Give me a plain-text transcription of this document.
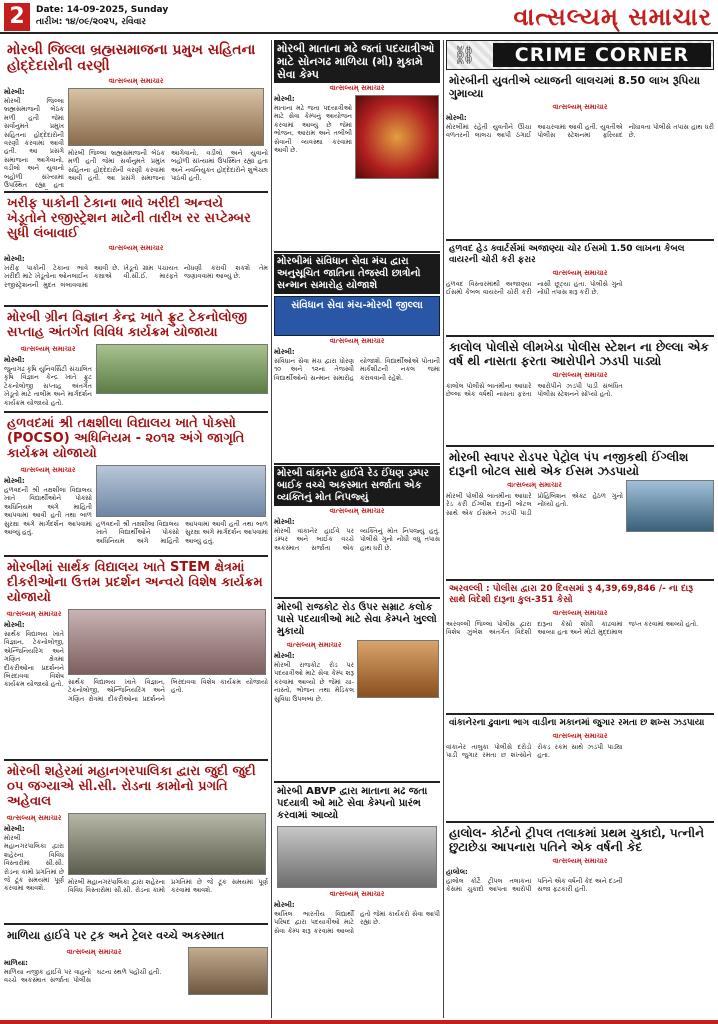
2	Date: 14-09-2025, Sunday
તારીખ: ૧૪/૦૯/૨૦૨૫, રવિવાર	વાત્સલ્યમ્ સમાચાર
મોરબી જિલ્લા બ્રહ્મસમાજના પ્રમુખ સહિતના હોદ્દેદારોની વરણી
વાત્સલ્યમ્ સમાચાર
મોરબી:
મોરબી જિલ્લા બ્રહ્મસમાજની બેઠક મળી હતી જેમાં સર્વાનુમતે પ્રમુખ સહિતના હોદ્દેદારોની વરણી કરવામાં આવી હતી. આ પ્રસંગે સમાજના આગેવાનો, વડીલો અને યુવાનો બહોળી સંખ્યામાં ઉપસ્થિત રહ્યા હતા
મોરબી જિલ્લા બ્રહ્મસમાજની બેઠક મળી હતી જેમાં સર્વાનુમતે પ્રમુખ સહિતના હોદ્દેદારોની વરણી કરવામાં આવી હતી. આ પ્રસંગે સમાજના આગેવાનો, વડીલો અને યુવાનો બહોળી સંખ્યામાં ઉપસ્થિત રહ્યા હતા અને નવનિયુક્ત હોદ્દેદારોને શુભેચ્છા પાઠવી હતી.
ખરીફ પાકોની ટેકાના ભાવે ખરીદી અન્વયે ખેડૂતોને રજીસ્ટ્રેશન માટેની તારીખ રર સપ્ટેમ્બર સુધી લંબાવાઈ
વાત્સલ્યમ્ સમાચાર
મોરબી:
ખરીફ પાકોની ટેકાના ભાવે ખરીદી માટે ખેડૂતોના ઓનલાઈન રજીસ્ટ્રેશનની મુદત લંબાવવામાં આવી છે. ખેડૂતો ગ્રામ પંચાયત કક્ષાએ વી.સી.ઈ. મારફતે નોંધણી કરાવી શકશે તેમ જણાવવામાં આવ્યું છે.
મોરબી ગ્રીન વિજ્ઞાન કેન્દ્ર ખાતે ફ્રુટ ટેકનોલોજી સપ્તાહ અંતર્ગત વિવિધ કાર્યક્રમ યોજાયા
વાત્સલ્યમ્ સમાચાર
મોરબી:
જુનાગઢ કૃષિ યુનિવર્સિટી સંચાલિત કૃષિ વિજ્ઞાન કેન્દ્ર ખાતે ફ્રુટ ટેકનોલોજી સપ્તાહ અંતર્ગત ખેડૂતો માટે તાલીમ અને માર્ગદર્શન કાર્યક્રમ યોજાયો હતો.
હળવદમાં શ્રી તક્ષશીલા વિદ્યાલય ખાતે પોક્સો (POCSO) અધિનિયમ - ૨૦૧૨ અંગે જાગૃતિ કાર્યક્રમ યોજાયો
વાત્સલ્યમ્ સમાચાર
મોરબી:
હળવદની શ્રી તક્ષશીલા વિદ્યાલય ખાતે વિદ્યાર્થીઓને પોક્સો અધિનિયમ અંગે માહિતી આપવામાં આવી હતી તથા બાળ સુરક્ષા અંગે માર્ગદર્શન આપવામાં આવ્યું હતું.
હળવદની શ્રી તક્ષશીલા વિદ્યાલય ખાતે વિદ્યાર્થીઓને પોક્સો અધિનિયમ અંગે માહિતી આપવામાં આવી હતી તથા બાળ સુરક્ષા અંગે માર્ગદર્શન આપવામાં આવ્યું હતું.
મોરબીમાં સાર્થક વિદ્યાલય ખાતે STEM ક્ષેત્રમાં દીકરીઓના ઉત્તમ પ્રદર્શન અન્વયે વિશેષ કાર્યક્રમ યોજાયો
વાત્સલ્યમ્ સમાચાર
મોરબી:
સાર્થક વિદ્યાલય ખાતે વિજ્ઞાન, ટેકનોલોજી, એન્જિનિયરિંગ અને ગણિત ક્ષેત્રમાં દીકરીઓના પ્રદર્શનને બિરદાવવા વિશેષ કાર્યક્રમ યોજાયો હતો. સાર્થક વિદ્યાલય ખાતે વિજ્ઞાન, ટેકનોલોજી, એન્જિનિયરિંગ અને ગણિત ક્ષેત્રમાં દીકરીઓના પ્રદર્શનને બિરદાવવા વિશેષ કાર્યક્રમ યોજાયો હતો.
મોરબી શહેરમાં મહાનગરપાલિકા દ્વારા જુદી જુદી ૦૫ જગ્યાએ સી.સી. રોડના કામોનો પ્રગતિ અહેવાલ
વાત્સલ્યમ્ સમાચાર
મોરબી:
મોરબી મહાનગરપાલિકા દ્વારા શહેરના વિવિધ વિસ્તારોમાં સી.સી. રોડના કામો પ્રગતિમાં છે જે ટૂંક સમયમાં પૂર્ણ કરવામાં આવશે.
મોરબી મહાનગરપાલિકા દ્વારા શહેરના વિવિધ વિસ્તારોમાં સી.સી. રોડના કામો પ્રગતિમાં છે જે ટૂંક સમયમાં પૂર્ણ કરવામાં આવશે.
માળિયા હાઈવે પર ટ્રક અને ટ્રેલર વચ્ચે અકસ્માત
વાત્સલ્યમ્ સમાચાર
માળિયા:
માળિયા નજીક હાઈવે પર વાહનો વચ્ચે અકસ્માત સર્જાતા પોલીસ ઘટના સ્થળે પહોંચી હતી.
મોરબી માતાના મઢે જતાં પદયાત્રીઓ માટે સોનગઢ માળિયા (મી) મુકામે સેવા કેમ્પ
વાત્સલ્યમ્ સમાચાર
મોરબી:
માતાના મઢે જતા પદયાત્રીઓ માટે સેવા કેમ્પનું આયોજન કરવામાં આવ્યું છે જેમાં ભોજન, આરામ અને તબીબી સેવાની વ્યવસ્થા કરવામાં આવી છે.
મોરબીમાં સંવિધાન સેવા મંચ દ્વારા અનુસૂચિત જાતિના તેજસ્વી છાત્રોનો સન્માન સમારોહ યોજાશે
સંવિધાન સેવા મંચ-મોરબી જીલ્લા
વાત્સલ્યમ્ સમાચાર
મોરબી:
સંવિધાન સેવા મંચ દ્વારા ધોરણ ૧૦ અને ૧૨ના તેજસ્વી વિદ્યાર્થીઓનો સન્માન સમારોહ યોજાશે. વિદ્યાર્થીઓએ પોતાની માર્કશીટની નકલ જમા કરાવવાની રહેશે.
મોરબી વાંકાનેર હાઈવે રેડ ઈંધણ ડમ્પર બાઈક વચ્ચે અકસ્માત સર્જાતા એક વ્યક્તિનું મોત નિપજ્યું
વાત્સલ્યમ્ સમાચાર
મોરબી:
મોરબી વાંકાનેર હાઈવે પર ડમ્પર અને બાઈક વચ્ચે અકસ્માત સર્જાતા એક વ્યક્તિનું મોત નિપજ્યું હતું. પોલીસે ગુનો નોંધી વધુ તપાસ હાથ ધરી છે.
મોરબી રાજકોટ રોડ ઉપર સમ્રાટ કલોક પાસે પદયાત્રીઓ માટે સેવા કેમ્પને ખુલ્લો મુકાયો
વાત્સલ્યમ્ સમાચાર
મોરબી:
મોરબી રાજકોટ રોડ પર પદયાત્રીઓ માટે સેવા કેમ્પ શરૂ કરવામાં આવ્યો છે જેમાં ચા-નાસ્તો, ભોજન તથા મેડિકલ સુવિધા ઉપલબ્ધ છે.
મોરબી ABVP દ્વારા માતાના મઢ જતા પદયાત્રી ઓ માટે સેવા કેમ્પનો પ્રારંભ કરવામાં આવ્યો
વાત્સલ્યમ્ સમાચાર
મોરબી:
અખિલ ભારતીય વિદ્યાર્થી પરિષદ દ્વારા પદયાત્રીઓ માટે સેવા કેમ્પ શરૂ કરવામાં આવ્યો હતો જેમાં કાર્યકરો સેવા આપી રહ્યા છે.
⛓	CRIME CORNER
મોરબીની યુવતીએ વ્યાજની લાલચમાં 8.50 લાખ રૂપિયા ગુમાવ્યા
વાત્સલ્યમ્ સમાચાર
મોરબી:
મોરબીમાં રહેતી યુવતીને ઊંચા વળતરની લાલચ આપી ઠગાઈ આચરવામાં આવી હતી. યુવતીએ પોલીસ સ્ટેશનમાં ફરિયાદ નોંધાવતા પોલીસે તપાસ હાથ ધરી છે.
હળવદ હેડ ક્વાર્ટર્સમાં અજાણ્યા ચોર ઈસમો 1.50 લાખના કેબલ વાયરની ચોરી કરી ફરાર
વાત્સલ્યમ્ સમાચાર
હળવદ વિસ્તારમાંથી અજાણ્યા ઈસમો કેબલ વાયરની ચોરી કરી નાસી છૂટ્યા હતા. પોલીસે ગુનો નોંધી તપાસ શરૂ કરી છે.
કાલોલ પોલીસે લીમખેડા પોલીસ સ્ટેશન ના છેલ્લા એક વર્ષ થી નાસતા ફરતા આરોપીને ઝડપી પાડ્યો
વાત્સલ્યમ્ સમાચાર
કાલોલ પોલીસે બાતમીના આધારે છેલ્લા એક વર્ષથી નાસતા ફરતા આરોપીને ઝડપી પાડી સંબંધિત પોલીસ સ્ટેશનને સોંપ્યો હતો.
મોરબી સ્વાપર રોડપર પેટ્રોલ પંપ નજીકથી ઈંગ્લીશ દારૂની બોટલ સાથે એક ઈસમ ઝડપાયો
વાત્સલ્યમ્ સમાચાર
મોરબી પોલીસે બાતમીના આધારે રેડ કરી ઈંગ્લીશ દારૂની બોટલ સાથે એક ઈસમને ઝડપી પાડી પ્રોહિબિશન એક્ટ હેઠળ ગુનો નોંધ્યો હતો.
અરવલ્લી : પોલીસ દ્વારા 20 દિવસમાં રૂ 4,39,69,846 /- ના દારૂ સાથે વિદેશી દારૂના કુલ-351 કેસો
વાત્સલ્યમ્ સમાચાર
અરવલ્લી જિલ્લા પોલીસ દ્વારા વિશેષ ઝુંબેશ અંતર્ગત વિદેશી દારૂના કેસો શોધી કાઢવામાં આવ્યા હતા અને મોટો મુદ્દામાલ જપ્ત કરવામાં આવ્યો હતો.
વાંકાનેરના ઢુવાના ભાગ વાડીના મકાનમાં જુગાર રમતા છ શખ્સ ઝડપાયા
વાત્સલ્યમ્ સમાચાર
વાંકાનેર તાલુકા પોલીસે દરોડો પાડી જુગાર રમતા છ શખ્સોને રોકડ રકમ સાથે ઝડપી પાડ્યા હતા.
હાલોલ- કોર્ટનો ટ્રીપલ તલાકમાં પ્રથમ ચુકાદો, પત્નીને છુટાછેડા આપનારા પતિને એક વર્ષની કેદ
વાત્સલ્યમ્ સમાચાર
હાલોલ:
હાલોલ કોર્ટે ટ્રીપલ તલાકના કેસમાં ચુકાદો આપતા આરોપી પતિને એક વર્ષની કેદ અને દંડની સજા ફટકારી હતી.
